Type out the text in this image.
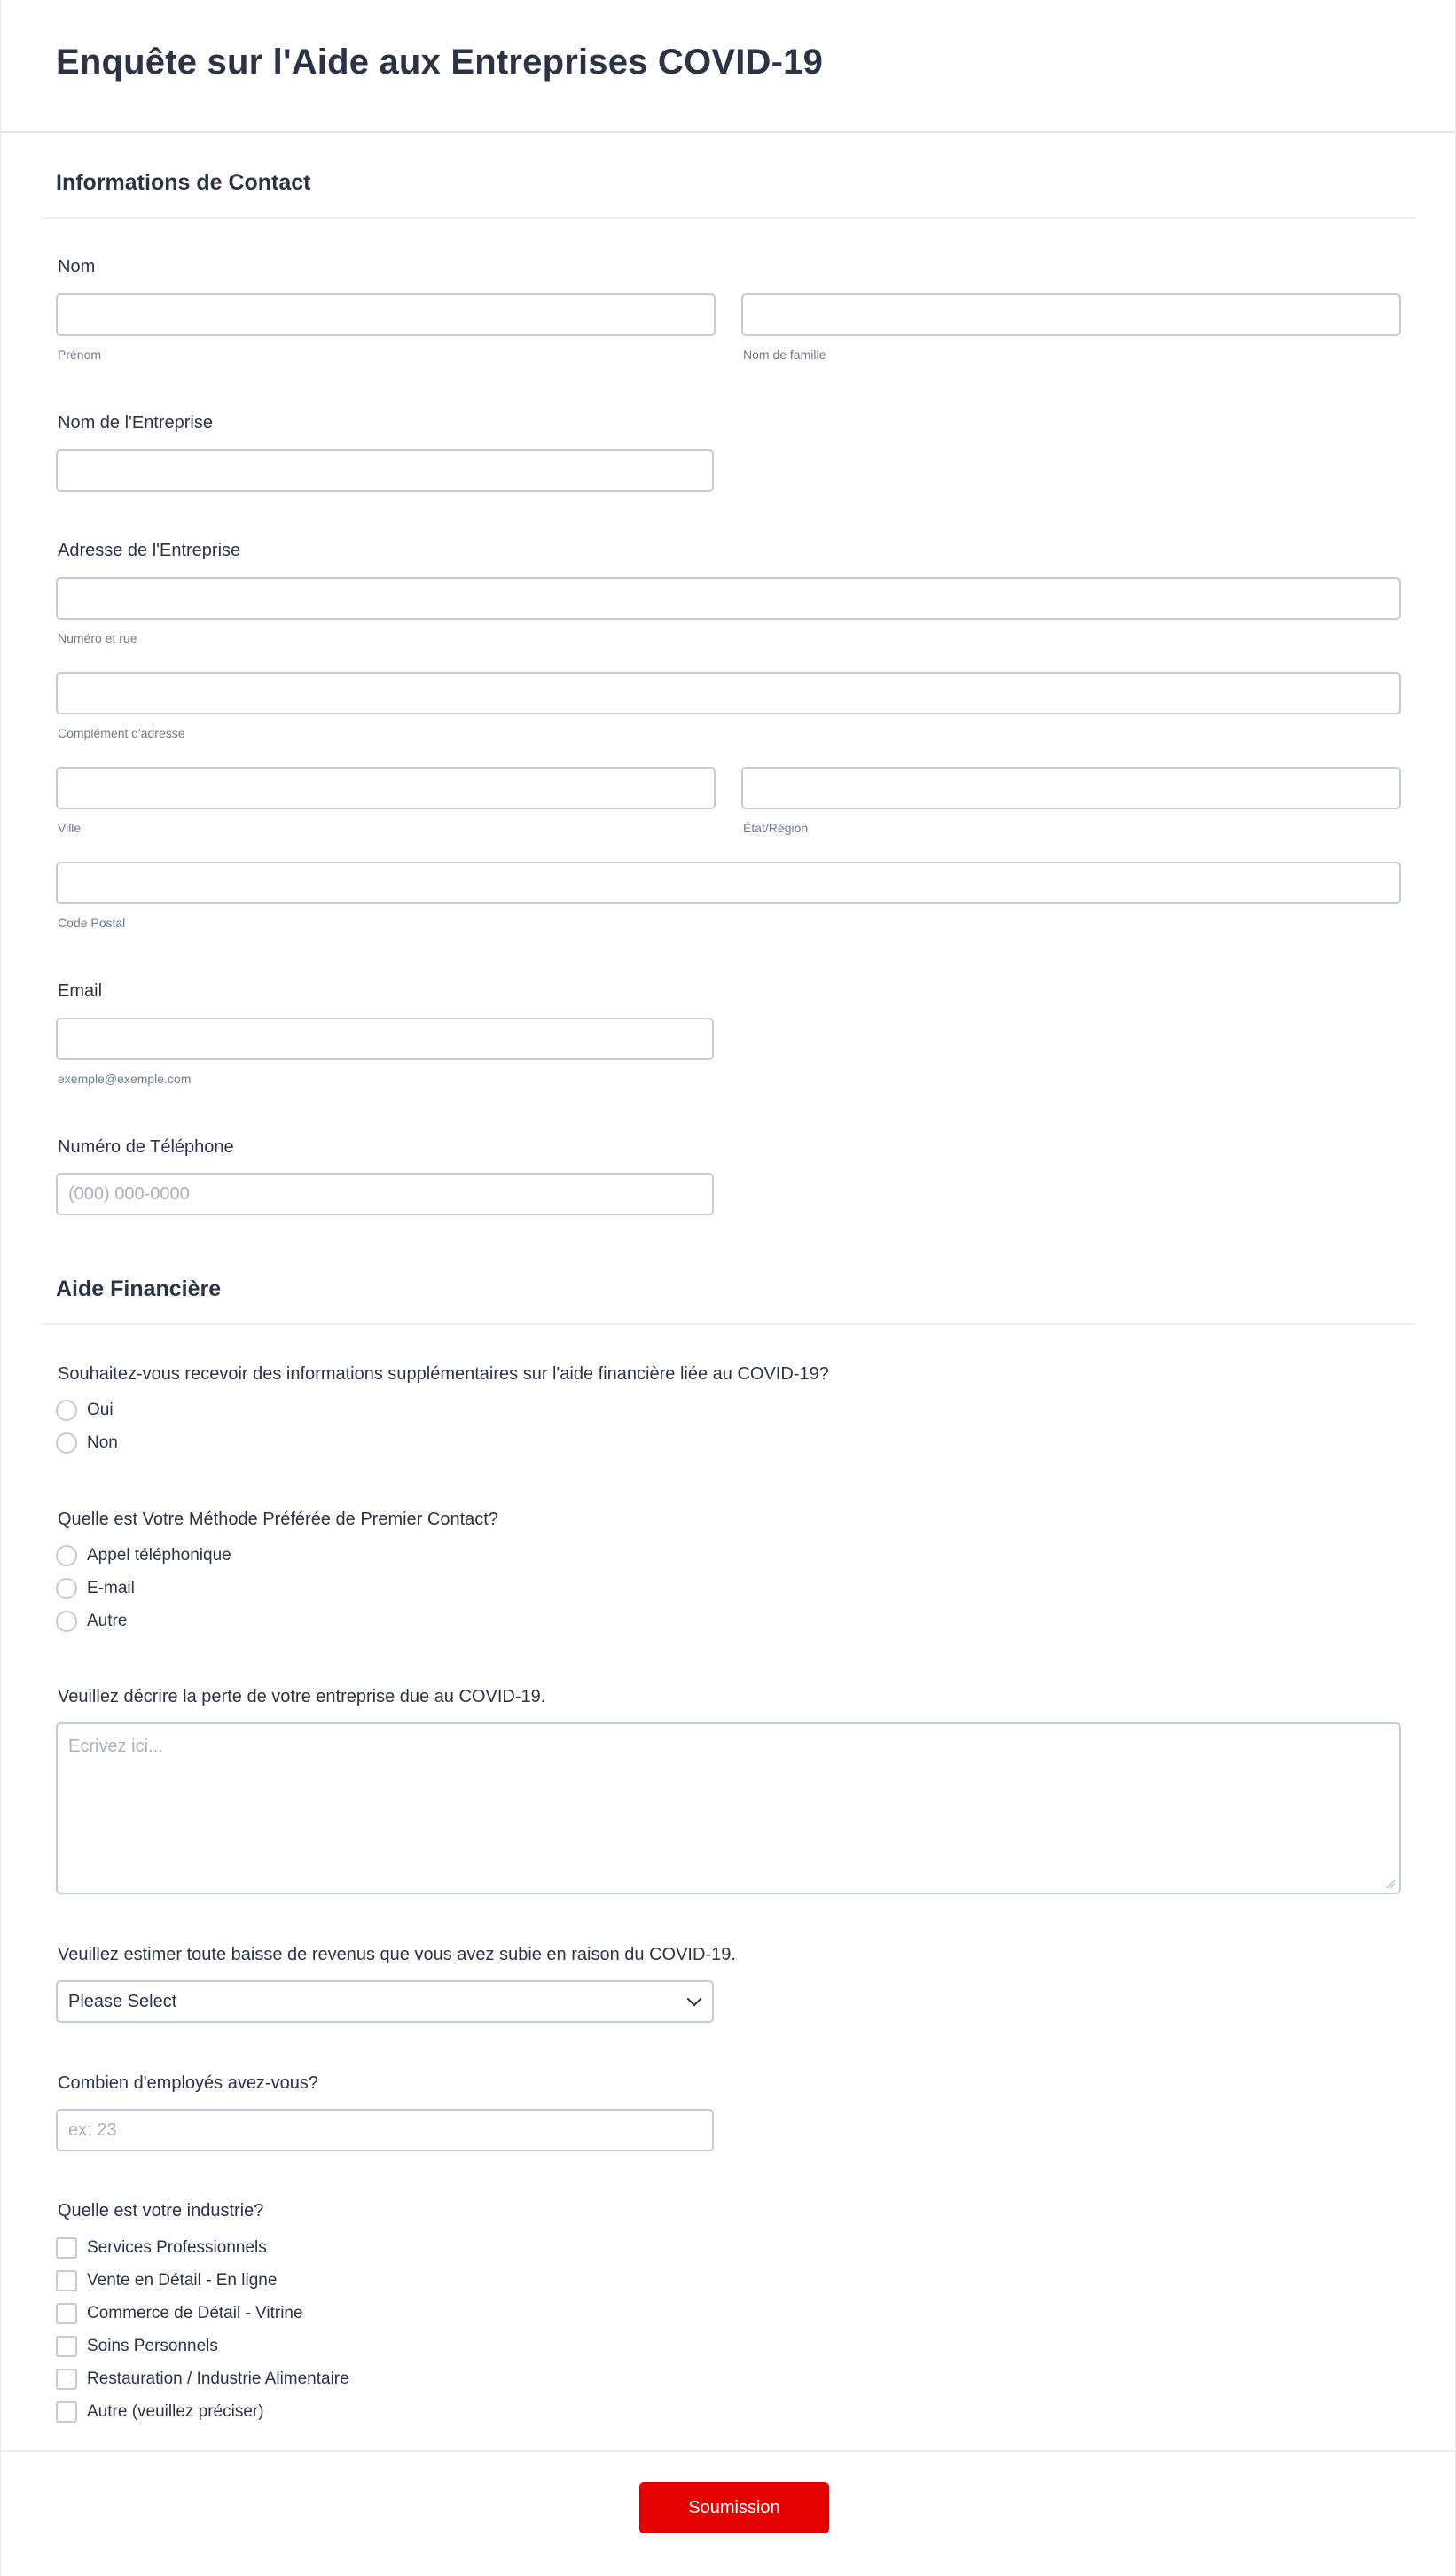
Enquête sur l'Aide aux Entreprises COVID-19
Informations de Contact
Nom
Prénom	Nom de famille
Nom de l'Entreprise
Adresse de l'Entreprise
Numéro et rue
Complément d'adresse
Ville	État/Région
Code Postal
Email
exemple@exemple.com
Numéro de Téléphone
(000) 000-0000
Aide Financière
Souhaitez-vous recevoir des informations supplémentaires sur l'aide financière liée au COVID-19?
Oui
Non
Quelle est Votre Méthode Préférée de Premier Contact?
Appel téléphonique
E-mail
Autre
Veuillez décrire la perte de votre entreprise due au COVID-19.
Ecrivez ici...
Veuillez estimer toute baisse de revenus que vous avez subie en raison du COVID-19.
Please Select
Combien d'employés avez-vous?
ex: 23
Quelle est votre industrie?
Services Professionnels
Vente en Détail - En ligne
Commerce de Détail - Vitrine
Soins Personnels
Restauration / Industrie Alimentaire
Autre (veuillez préciser)
Soumission
